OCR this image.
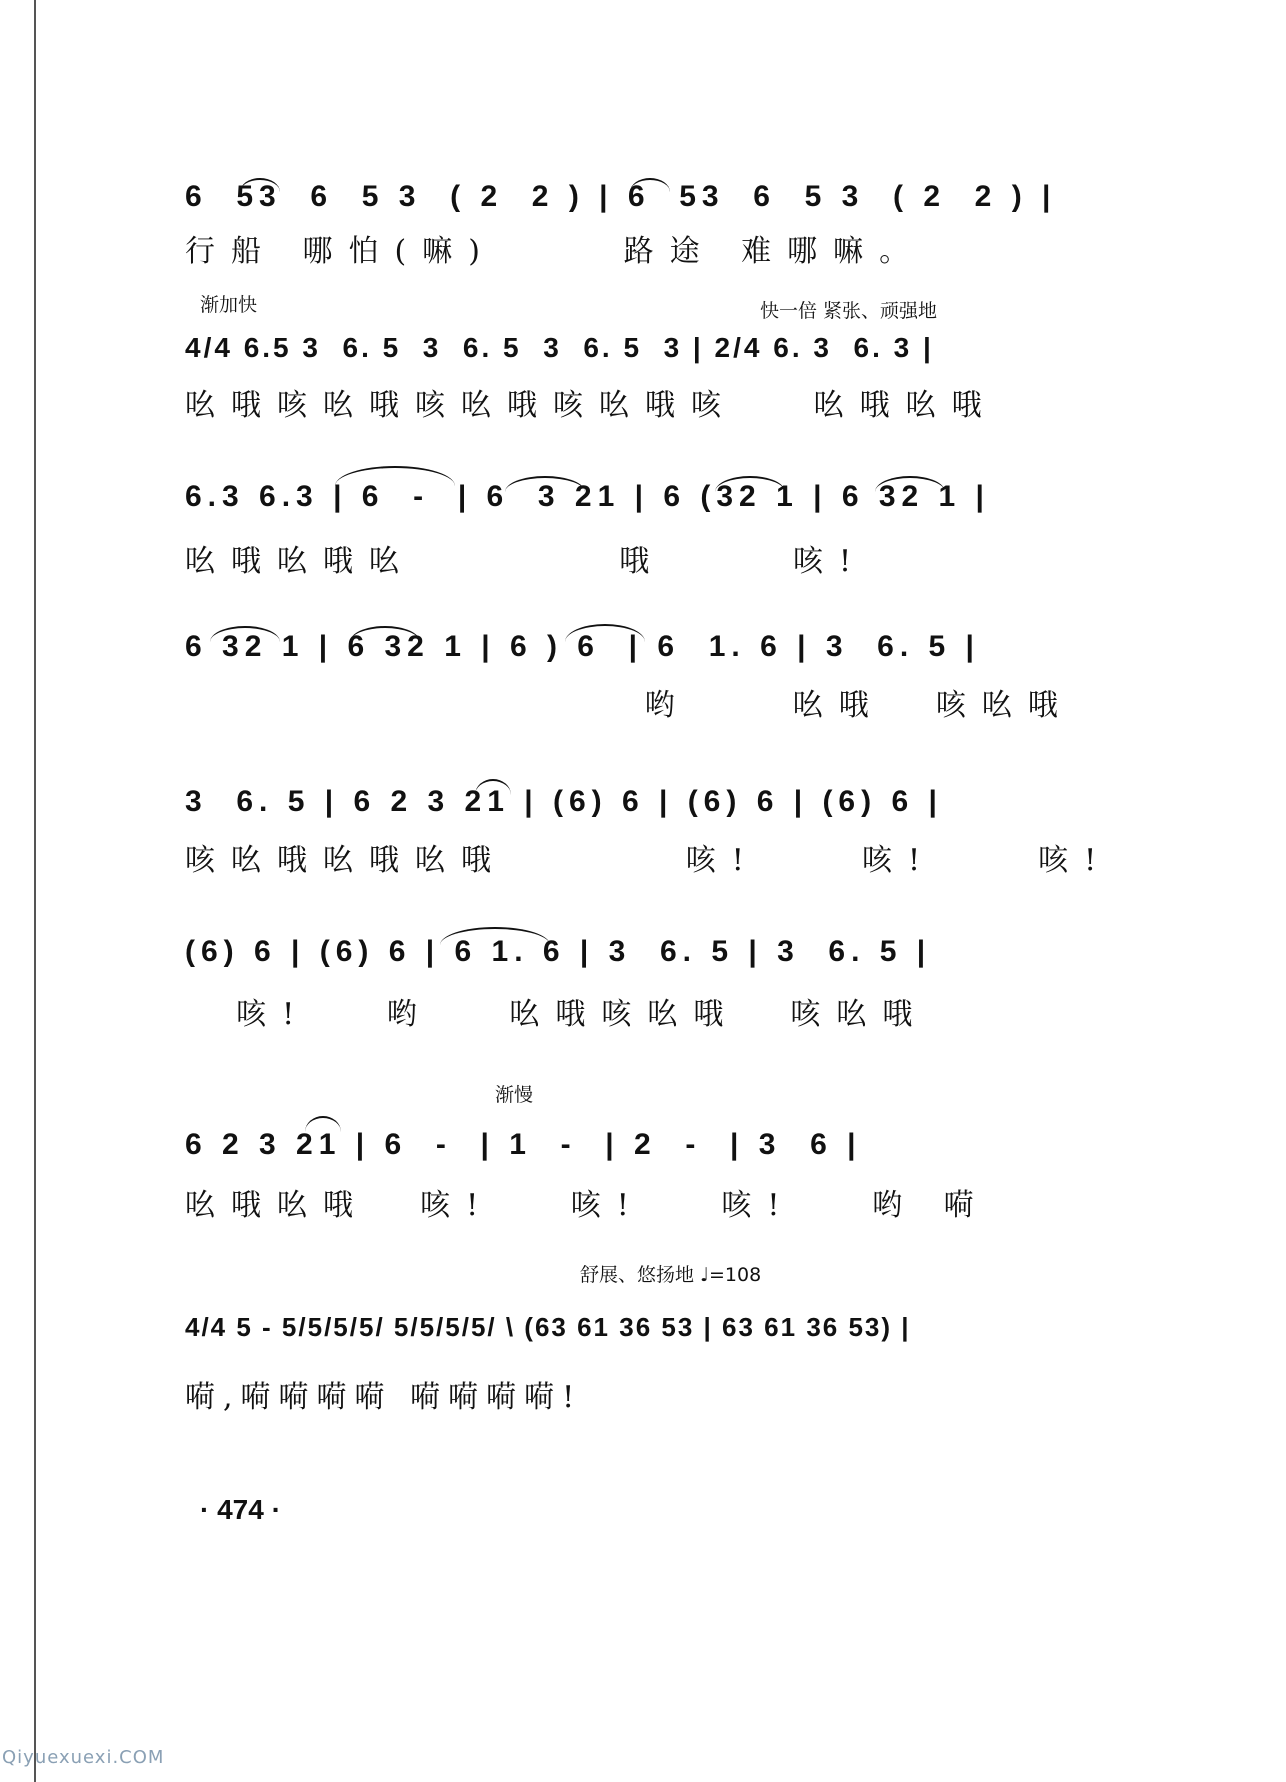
6  53  6  5 3  ( 2  2 ) | 6  53  6  5 3  ( 2  2 ) |
行船 哪怕(嘛)     路途 难哪嘛。
渐加快	快一倍 紧张、顽强地
4/4 6.5 3  6. 5  3  6. 5  3  6. 5  3 | 2/4 6. 3  6. 3 |
吆哦咳吆哦咳吆哦咳吆哦咳   吆哦吆哦
6.3 6.3 | 6  -  | 6  3 21 | 6 (32 1 | 6 32 1 |
吆哦吆哦吆        哦     咳!
6 32 1 | 6 32 1 | 6 ) 6  | 6  1. 6 | 3  6. 5 |
哟    吆哦  咳吆哦
3  6. 5 | 6 2 3 21 | (6) 6 | (6) 6 | (6) 6 |
咳吆哦吆哦吆哦       咳!    咳!    咳!
(6) 6 | (6) 6 | 6 1. 6 | 3  6. 5 | 3  6. 5 |
咳!   哟   吆哦咳吆哦  咳吆哦
渐慢
6 2 3 21 | 6  -  | 1  -  | 2  -  | 3  6 |
吆哦吆哦  咳!   咳!   咳!   哟 嗬
舒展、悠扬地 ♩=108
4/4 5 - 5/5/5/5/ 5/5/5/5/ \ (63 61 36 53 | 63 61 36 53) |
嗬,嗬嗬嗬嗬 嗬嗬嗬嗬!
· 474 ·
Qiyuexuexi.COM
